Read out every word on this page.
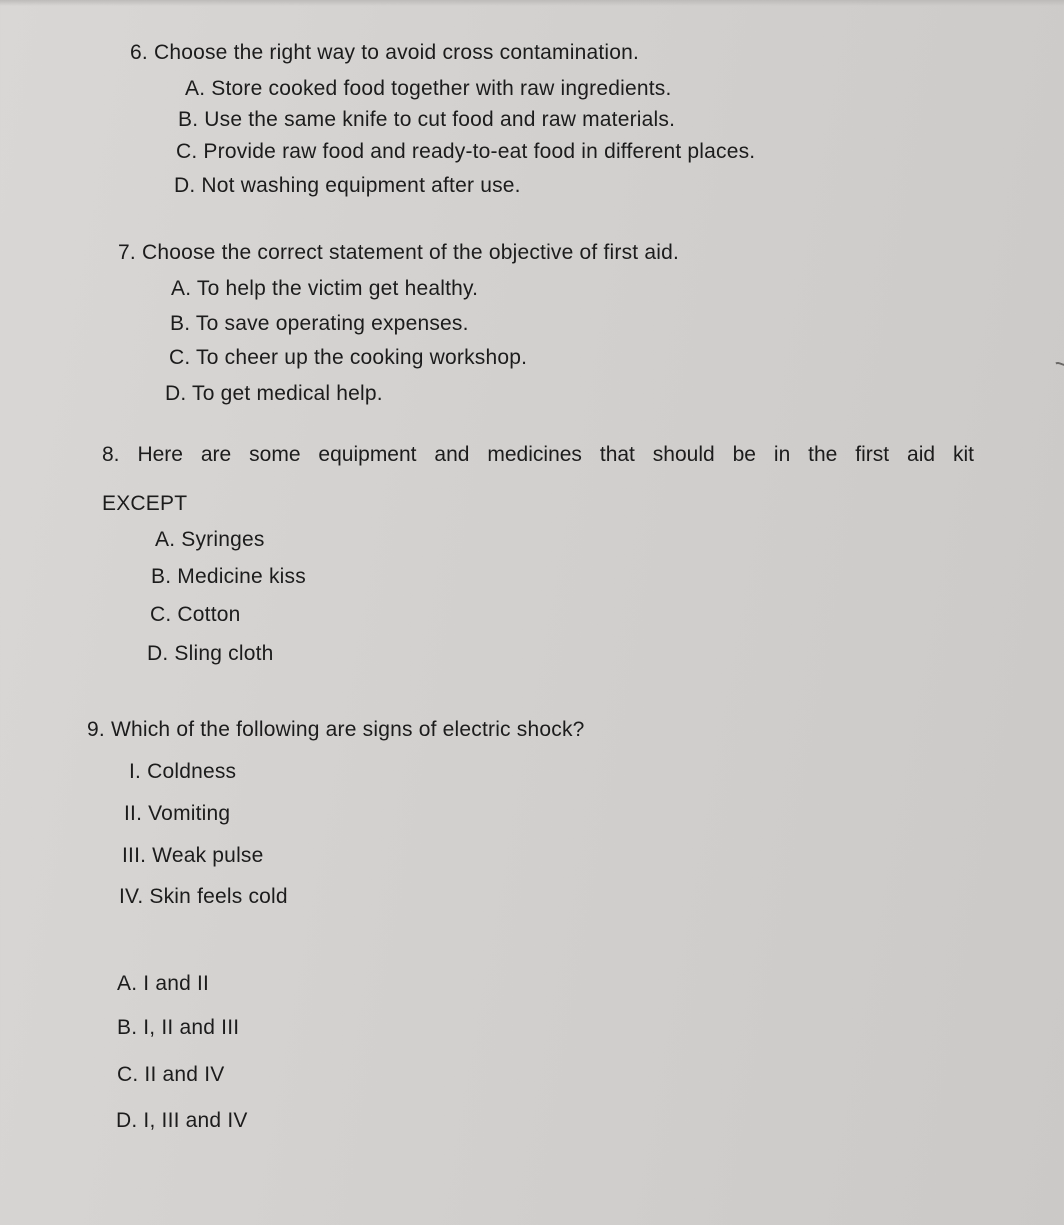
6. Choose the right way to avoid cross contamination.
A. Store cooked food together with raw ingredients.
B. Use the same knife to cut food and raw materials.
C. Provide raw food and ready-to-eat food in different places.
D. Not washing equipment after use.
7. Choose the correct statement of the objective of first aid.
A. To help the victim get healthy.
B. To save operating expenses.
C. To cheer up the cooking workshop.
D. To get medical help.
8. Here are some equipment and medicines that should be in the first aid kit
EXCEPT
A. Syringes
B. Medicine kiss
C. Cotton
D. Sling cloth
9. Which of the following are signs of electric shock?
I. Coldness
II. Vomiting
III. Weak pulse
IV. Skin feels cold
A. I and II
B. I, II and III
C. II and IV
D. I, III and IV
